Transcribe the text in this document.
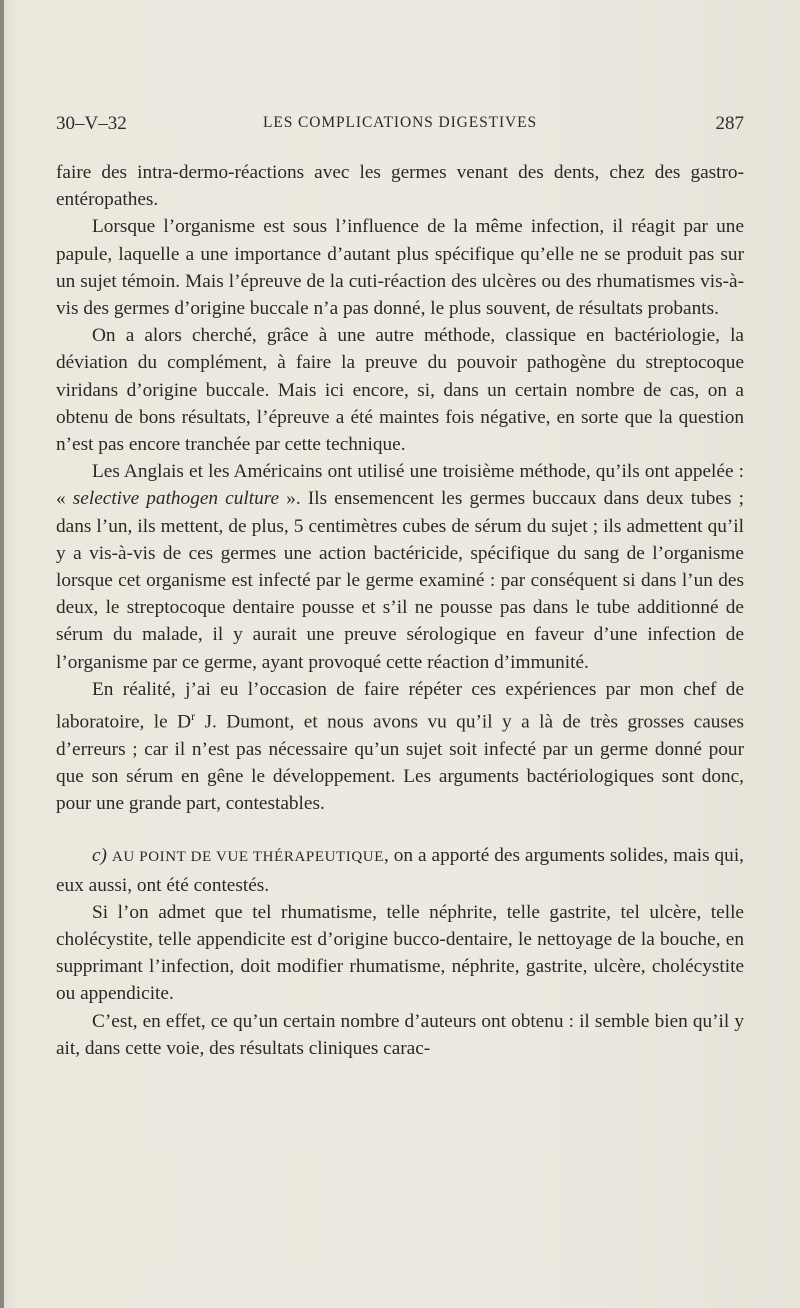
30–V–32	LES COMPLICATIONS DIGESTIVES	287

faire des intra-dermo-réactions avec les germes venant des dents, chez des gastro-entéropathes.

Lorsque l’organisme est sous l’influence de la même infection, il réagit par une papule, laquelle a une importance d’autant plus spécifique qu’elle ne se produit pas sur un sujet témoin. Mais l’épreuve de la cuti-réaction des ulcères ou des rhumatismes vis-à-vis des germes d’origine buccale n’a pas donné, le plus souvent, de résultats probants.

On a alors cherché, grâce à une autre méthode, classique en bactériologie, la déviation du complément, à faire la preuve du pouvoir pathogène du streptocoque viridans d’origine buccale. Mais ici encore, si, dans un certain nombre de cas, on a obtenu de bons résultats, l’épreuve a été maintes fois négative, en sorte que la question n’est pas encore tranchée par cette technique.

Les Anglais et les Américains ont utilisé une troisième méthode, qu’ils ont appelée : « selective pathogen culture ». Ils ensemencent les germes buccaux dans deux tubes ; dans l’un, ils mettent, de plus, 5 centimètres cubes de sérum du sujet ; ils admettent qu’il y a vis-à-vis de ces germes une action bactéricide, spécifique du sang de l’organisme lorsque cet organisme est infecté par le germe examiné : par conséquent si dans l’un des deux, le streptocoque dentaire pousse et s’il ne pousse pas dans le tube additionné de sérum du malade, il y aurait une preuve sérologique en faveur d’une infection de l’organisme par ce germe, ayant provoqué cette réaction d’immunité.

En réalité, j’ai eu l’occasion de faire répéter ces expériences par mon chef de laboratoire, le $D^r$ J. Dumont, et nous avons vu qu’il y a là de très grosses causes d’erreurs ; car il n’est pas nécessaire qu’un sujet soit infecté par un germe donné pour que son sérum en gêne le développement. Les arguments bactériologiques sont donc, pour une grande part, contestables.

c) AU POINT DE VUE THÉRAPEUTIQUE, on a apporté des arguments solides, mais qui, eux aussi, ont été contestés.

Si l’on admet que tel rhumatisme, telle néphrite, telle gastrite, tel ulcère, telle cholécystite, telle appendicite est d’origine bucco-dentaire, le nettoyage de la bouche, en supprimant l’infection, doit modifier rhumatisme, néphrite, gastrite, ulcère, cholécystite ou appendicite.

C’est, en effet, ce qu’un certain nombre d’auteurs ont obtenu : il semble bien qu’il y ait, dans cette voie, des résultats cliniques carac-
